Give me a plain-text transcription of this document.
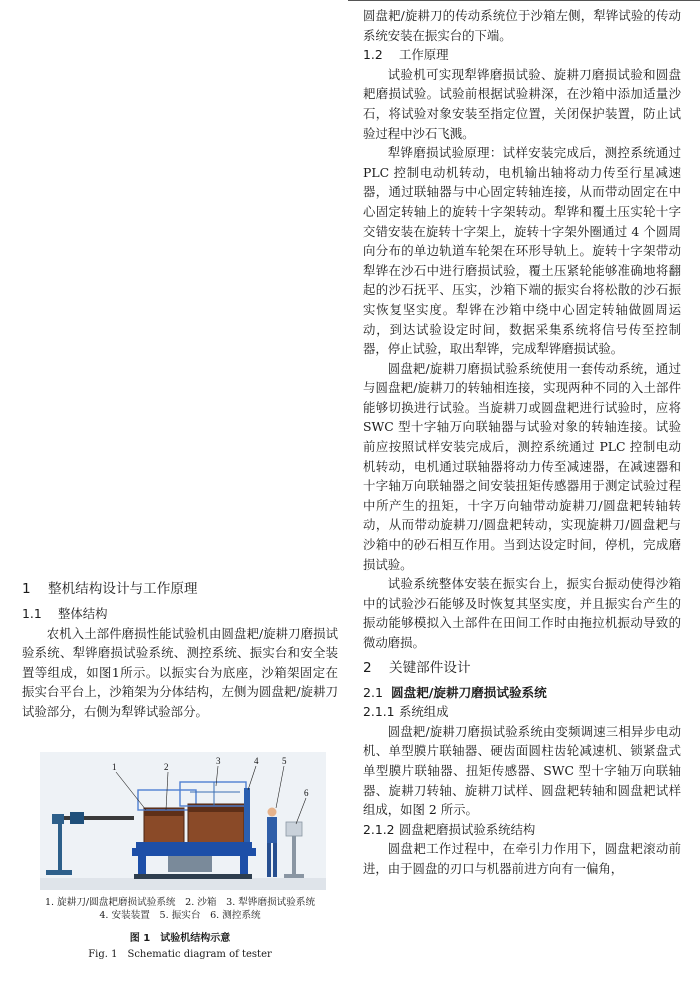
1 整机结构设计与工作原理
1.1 整体结构

农机入土部件磨损性能试验机由圆盘耙/旋耕刀磨损试验系统、犁铧磨损试验系统、测控系统、振实台和安全装置等组成，如图1所示。以振实台为底座，沙箱架固定在振实台平台上，沙箱架为分体结构，左侧为圆盘耙/旋耕刀试验部分，右侧为犁铧试验部分。

1	2
3	4	5
6
1. 旋耕刀/圆盘耙磨损试验系统　2. 沙箱　3. 犁铧磨损试验系统
4. 安装装置　5. 振实台　6. 测控系统
图 1　试验机结构示意
Fig. 1　Schematic diagram of tester

圆盘耙/旋耕刀的传动系统位于沙箱左侧，犁铧试验的传动系统安装在振实台的下端。

1.2 工作原理

试验机可实现犁铧磨损试验、旋耕刀磨损试验和圆盘耙磨损试验。试验前根据试验耕深，在沙箱中添加适量沙石，将试验对象安装至指定位置，关闭保护装置，防止试验过程中沙石飞溅。

犁铧磨损试验原理：试样安装完成后，测控系统通过 PLC 控制电动机转动，电机输出轴将动力传至行星减速器，通过联轴器与中心固定转轴连接，从而带动固定在中心固定转轴上的旋转十字架转动。犁铧和覆土压实轮十字交错安装在旋转十字架上，旋转十字架外圈通过 4 个圆周向分布的单边轨道车轮架在环形导轨上。旋转十字架带动犁铧在沙石中进行磨损试验，覆土压紧轮能够准确地将翻起的沙石抚平、压实，沙箱下端的振实台将松散的沙石振实恢复坚实度。犁铧在沙箱中绕中心固定转轴做圆周运动，到达试验设定时间，数据采集系统将信号传至控制器，停止试验，取出犁铧，完成犁铧磨损试验。

圆盘耙/旋耕刀磨损试验系统使用一套传动系统，通过与圆盘耙/旋耕刀的转轴相连接，实现两种不同的入土部件能够切换进行试验。当旋耕刀或圆盘耙进行试验时，应将 SWC 型十字轴万向联轴器与试验对象的转轴连接。试验前应按照试样安装完成后，测控系统通过 PLC 控制电动机转动，电机通过联轴器将动力传至减速器，在减速器和十字轴万向联轴器之间安装扭矩传感器用于测定试验过程中所产生的扭矩，十字万向轴带动旋耕刀/圆盘耙转轴转动，从而带动旋耕刀/圆盘耙转动，实现旋耕刀/圆盘耙与沙箱中的砂石相互作用。当到达设定时间，停机，完成磨损试验。

试验系统整体安装在振实台上，振实台振动使得沙箱中的试验沙石能够及时恢复其坚实度，并且振实台产生的振动能够模拟入土部件在田间工作时由拖拉机振动导致的微动磨损。

2 关键部件设计
2.1 圆盘耙/旋耕刀磨损试验系统
2.1.1 系统组成

圆盘耙/旋耕刀磨损试验系统由变频调速三相异步电动机、单型膜片联轴器、硬齿面圆柱齿轮减速机、锁紧盘式单型膜片联轴器、扭矩传感器、SWC 型十字轴万向联轴器、旋耕刀转轴、旋耕刀试样、圆盘耙转轴和圆盘耙试样组成，如图 2 所示。

2.1.2 圆盘耙磨损试验系统结构

圆盘耙工作过程中，在牵引力作用下，圆盘耙滚动前进，由于圆盘的刃口与机器前进方向有一偏角，
